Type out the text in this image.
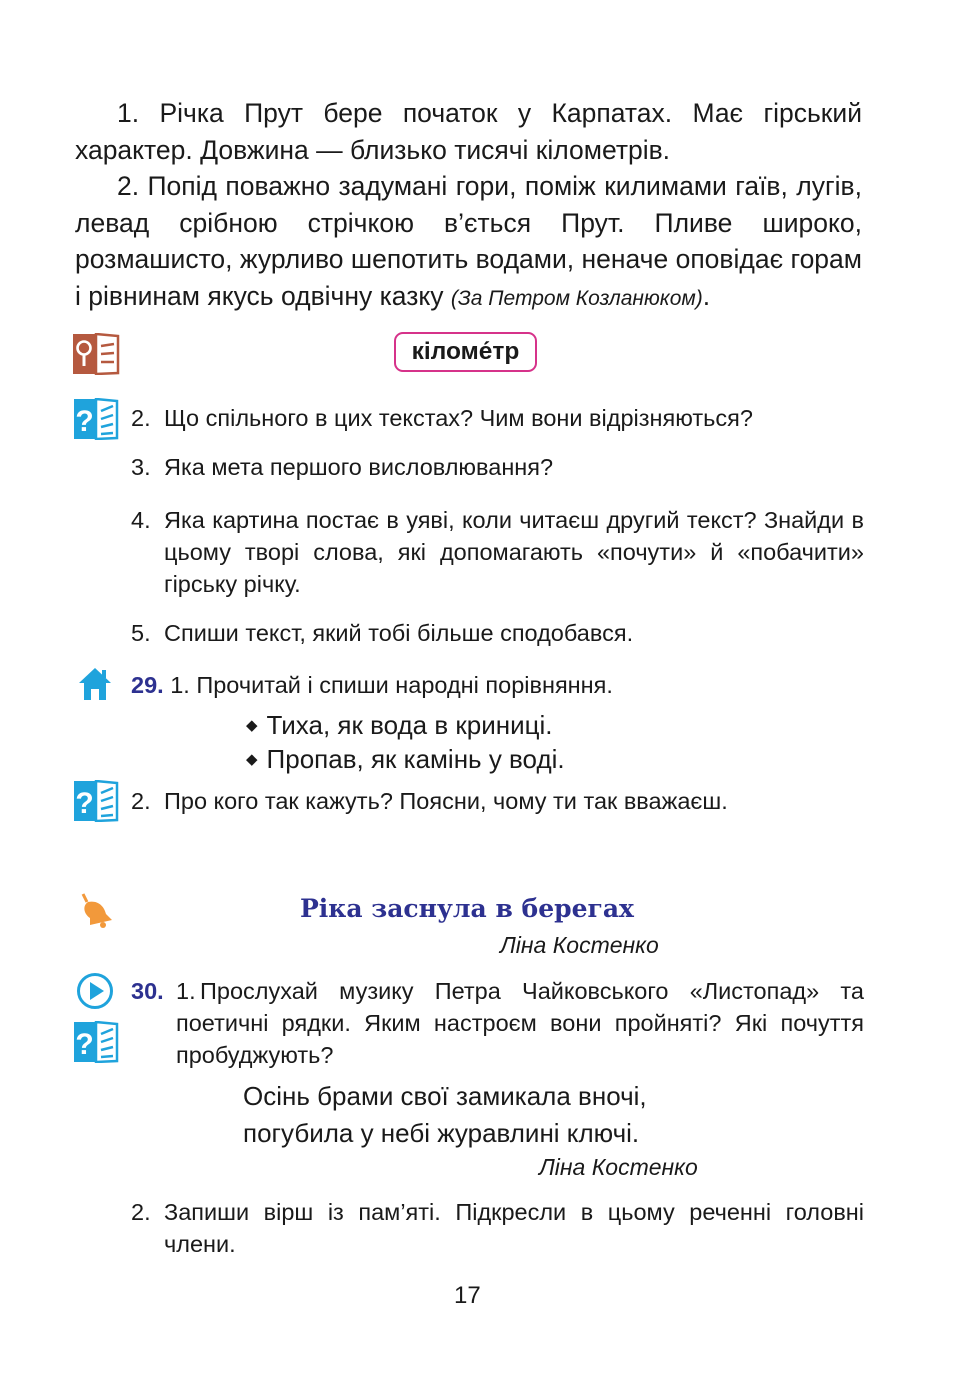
1. Річка Прут бере початок у Карпатах. Має гірський характер. Довжина — близько тисячі кілометрів.

2. Попід поважно задумані гори, поміж килимами гаїв, лугів, левад срібною стрічкою в’ється Прут. Пливе широко, розмашисто, журливо шепотить водами, неначе оповідає горам і рівнинам якусь одвічну казку (За Петром Козланюком).

кіломе́тр
? 2. Що спільного в цих текстах? Чим вони відрізняються?
3. Яка мета першого висловлювання?
4. Яка картина постає в уяві, коли читаєш другий текст? Знайди в цьому творі слова, які допомагають «почути» й «побачити» гірську річку.
5. Спиши текст, який тобі більше сподобався.

29. 1. Прочитай і спиши народні порівняння.

◆ Тиха, як вода в криниці.

◆ Пропав, як камінь у воді.

? 2. Про кого так кажуть? Поясни, чому ти так вважаєш.

Ріка заснула в берегах

Ліна Костенко

?
30. 1. Прослухай музику Петра Чайковського «Листопад» та поетичні рядки. Яким настроєм вони пройняті? Які почуття пробуджують?

Осінь брами свої замикала вночі,

погубила у небі журавлині ключі.

Ліна Костенко

2. Запиши вірш із пам’яті. Підкресли в цьому реченні головні члени.
17
